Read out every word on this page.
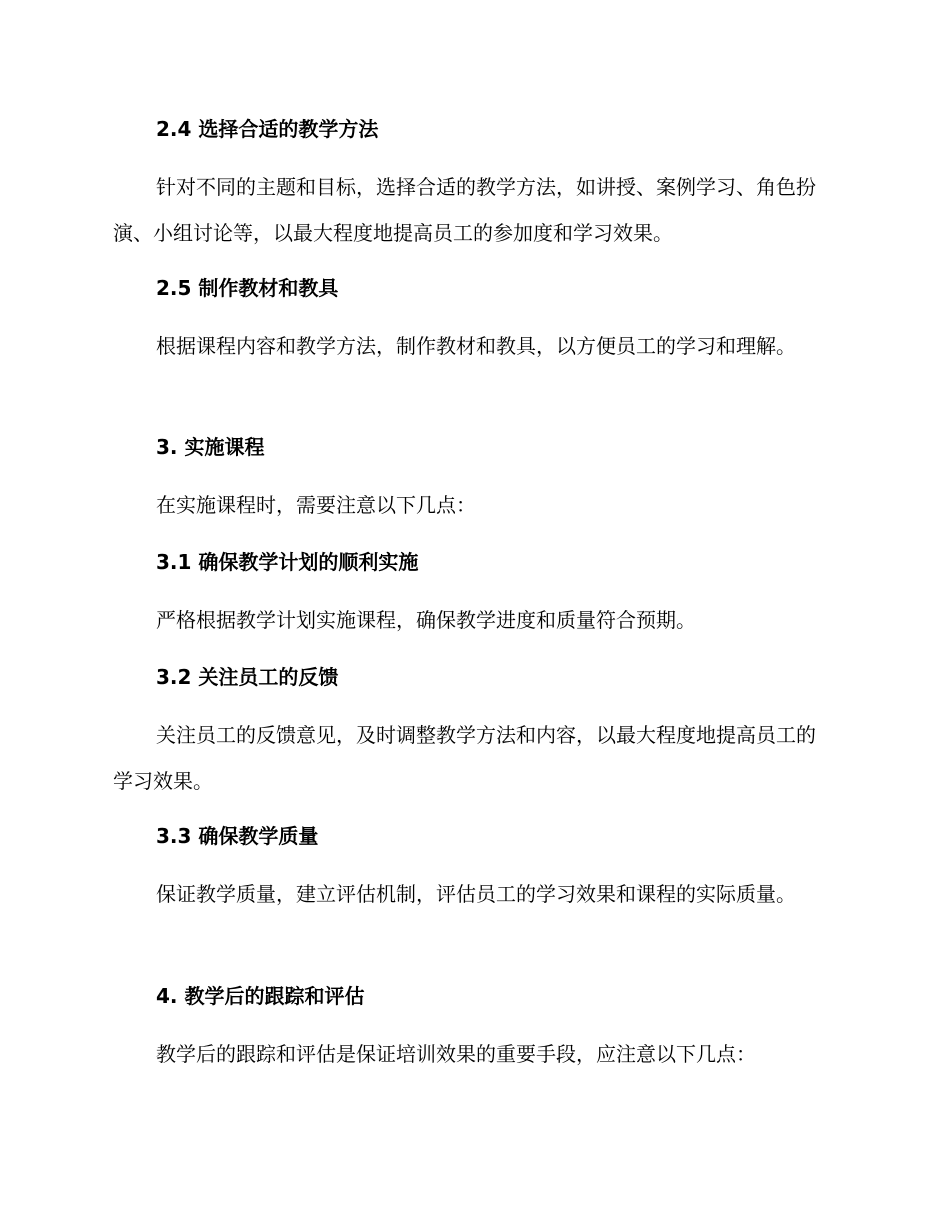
2.4 选择合适的教学方法

针对不同的主题和目标，选择合适的教学方法，如讲授、案例学习、角色扮演、小组讨论等，以最大程度地提高员工的参加度和学习效果。

2.5 制作教材和教具

根据课程内容和教学方法，制作教材和教具，以方便员工的学习和理解。

3. 实施课程

在实施课程时，需要注意以下几点：

3.1 确保教学计划的顺利实施

严格根据教学计划实施课程，确保教学进度和质量符合预期。

3.2 关注员工的反馈

关注员工的反馈意见，及时调整教学方法和内容，以最大程度地提高员工的学习效果。

3.3 确保教学质量

保证教学质量，建立评估机制，评估员工的学习效果和课程的实际质量。

4. 教学后的跟踪和评估

教学后的跟踪和评估是保证培训效果的重要手段，应注意以下几点：
